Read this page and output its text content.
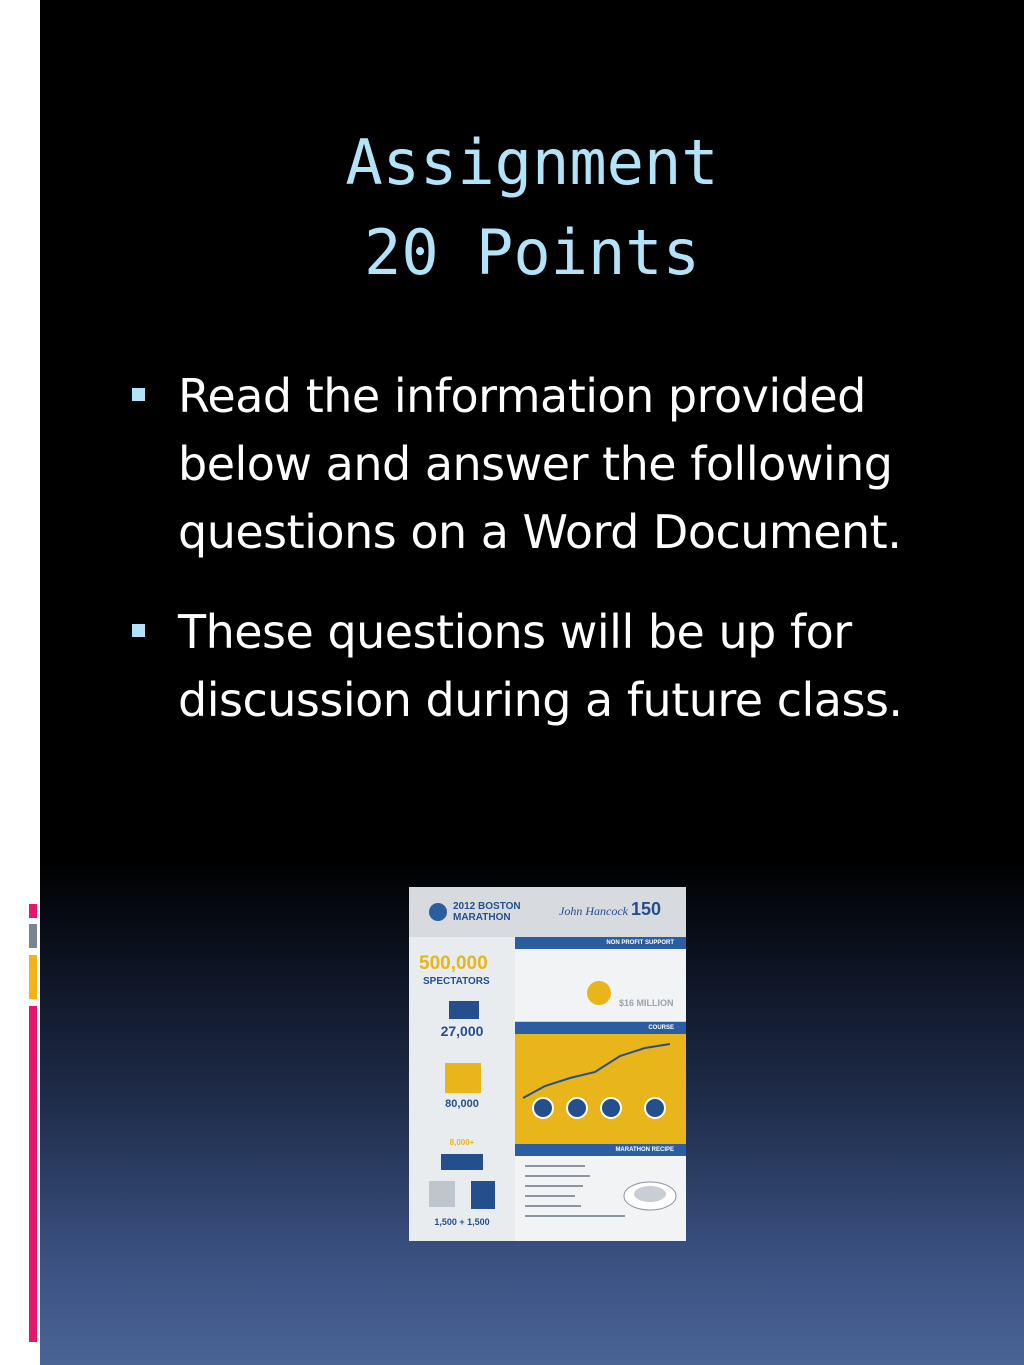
Assignment
20 Points
Read the information provided below and answer the following questions on a Word Document.
These questions will be up for discussion during a future class.
2012 BOSTON MARATHON	John Hancock 150
500,000
SPECTATORS
27,000
80,000
8,000+
1,500 + 1,500
NON PROFIT SUPPORT
$16 MILLION
COURSE
MARATHON RECIPE
